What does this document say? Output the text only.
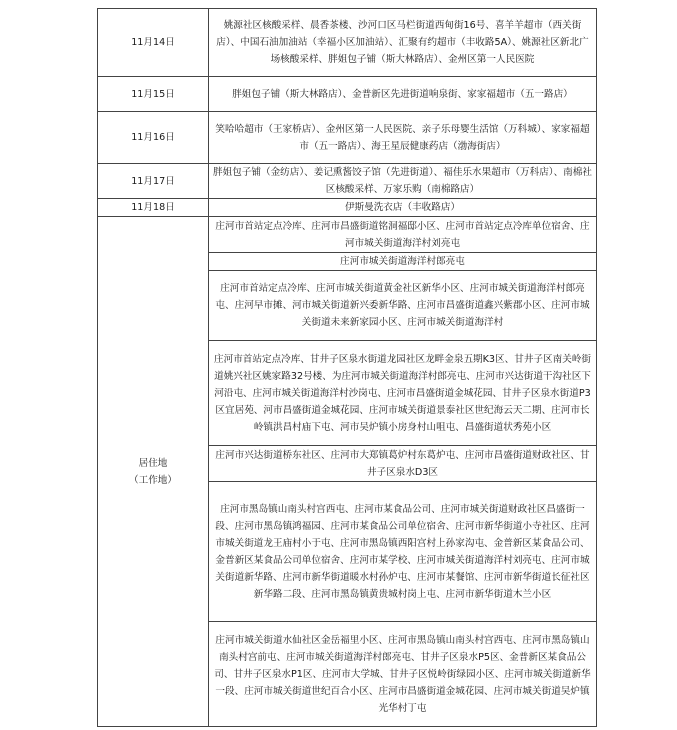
11月14日	姚源社区核酸采样、晨香茶楼、沙河口区马栏街道西甸街16号、喜羊羊超市（西关街店）、中国石油加油站（幸福小区加油站）、汇聚有约超市（丰收路5A）、姚源社区新北广场核酸采样、胖姐包子铺（斯大林路店）、金州区第一人民医院
11月15日	胖姐包子铺（斯大林路店）、金普新区先进街道响泉街、家家福超市（五一路店）
11月16日	笑哈哈超市（王家桥店）、金州区第一人民医院、亲子乐母婴生活馆（万科城）、家家福超市（五一路店）、海王星辰健康药店（渤海街店）
11月17日	胖姐包子铺（金纺店）、姜记熏酱饺子馆（先进街道）、福佳乐水果超市（万科店）、南棉社区核酸采样、万家乐购（南棉路店）
11月18日	伊斯曼洗衣店（丰收路店）

居住地
（工作地）	庄河市首站定点冷库、庄河市昌盛街道铭洞福邸小区、庄河市首站定点冷库单位宿舍、庄河市城关街道海洋村刘亮屯
	庄河市城关街道海洋村郎亮屯
	庄河市首站定点冷库、庄河市城关街道黄金社区新华小区、庄河市城关街道海洋村郎亮屯、庄河早市摊、河市城关街道新兴委新华路、庄河市昌盛街道鑫兴紫郡小区、庄河市城关街道未来新家园小区、庄河市城关街道海洋村
	庄河市首站定点冷库、甘井子区泉水街道龙园社区龙畔金泉五期K3区、甘井子区南关岭街道姚兴社区姚家路32号楼、为庄河市城关街道海洋村郎亮屯、庄河市兴达街道干沟社区下河沿屯、庄河市城关街道海洋村沙岗屯、庄河市昌盛街道金城花园、甘井子区泉水街道P3区宜居苑、河市昌盛街道金城花园、庄河市城关街道景泰社区世纪海云天二期、庄河市长岭镇洪昌村庙下屯、河市吴炉镇小房身村山咀屯、昌盛街道状秀苑小区
	庄河市兴达街道桥东社区、庄河市大郑镇葛炉村东葛炉屯、庄河市昌盛街道财政社区、甘井子区泉水D3区
	庄河市黑岛镇山南头村宫西屯、庄河市某食品公司、庄河市城关街道财政社区昌盛街一段、庄河市黑岛镇鸿福园、庄河市某食品公司单位宿舍、庄河市新华街道小寺社区、庄河市城关街道龙王庙村小于屯、庄河市黑岛镇西阳宫村上孙家沟屯、金普新区某食品公司、金普新区某食品公司单位宿舍、庄河市某学校、庄河市城关街道海洋村刘亮屯、庄河市城关街道新华路、庄河市新华街道暖水村孙炉屯、庄河市某餐馆、庄河市新华街道长征社区新华路二段、庄河市黑岛镇黄贵城村岗上屯、庄河市新华街道木兰小区
	庄河市城关街道水仙社区金岳福里小区、庄河市黑岛镇山南头村宫西屯、庄河市黑岛镇山南头村宫前屯、庄河市城关街道海洋村郎亮屯、甘井子区泉水P5区、金普新区某食品公司、甘井子区泉水P1区、庄河市大学城、甘井子区悦岭街绿园小区、庄河市城关街道新华一段、庄河市城关街道世纪百合小区、庄河市昌盛街道金城花园、庄河市城关街道吴炉镇光华村丁屯
